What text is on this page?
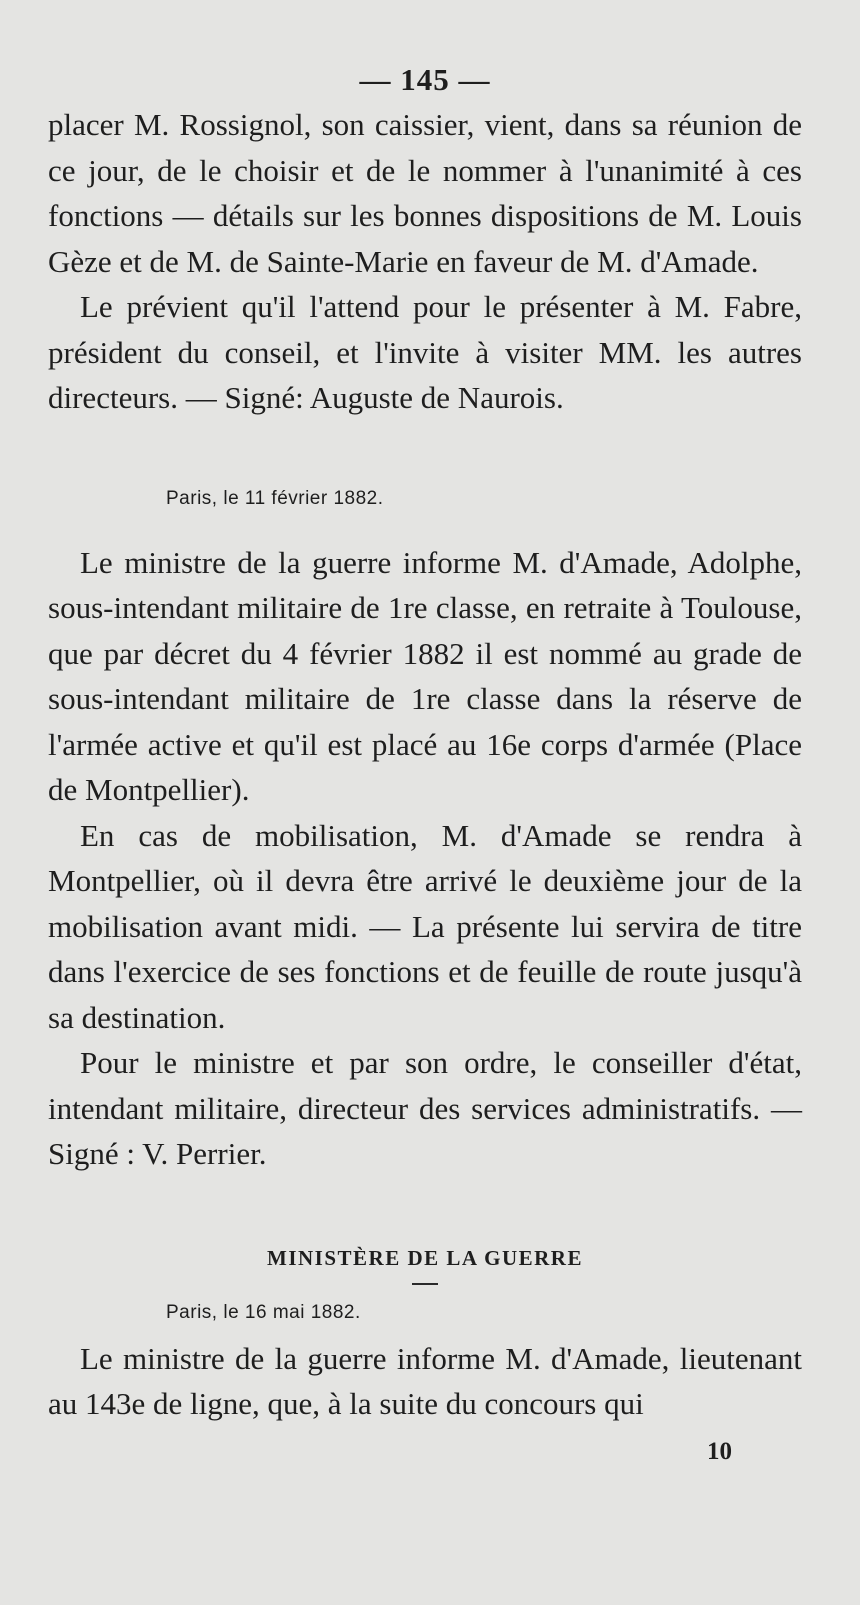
— 145 —

placer M. Rossignol, son caissier, vient, dans sa réunion de ce jour, de le choisir et de le nommer à l'unanimité à ces fonctions — détails sur les bonnes dispositions de M. Louis Gèze et de M. de Sainte-Marie en faveur de M. d'Amade.

Le prévient qu'il l'attend pour le présenter à M. Fabre, président du conseil, et l'invite à visiter MM. les autres directeurs. — Signé: Auguste de Naurois.

Paris, le 11 février 1882.

Le ministre de la guerre informe M. d'Amade, Adolphe, sous-intendant militaire de 1re classe, en retraite à Toulouse, que par décret du 4 février 1882 il est nommé au grade de sous-intendant militaire de 1re classe dans la réserve de l'armée active et qu'il est placé au 16e corps d'armée (Place de Montpellier).

En cas de mobilisation, M. d'Amade se rendra à Montpellier, où il devra être arrivé le deuxième jour de la mobilisation avant midi. — La présente lui servira de titre dans l'exercice de ses fonctions et de feuille de route jusqu'à sa destination.

Pour le ministre et par son ordre, le conseiller d'état, intendant militaire, directeur des services administratifs. — Signé : V. Perrier.

MINISTÈRE DE LA GUERRE

Paris, le 16 mai 1882.

Le ministre de la guerre informe M. d'Amade, lieutenant au 143e de ligne, que, à la suite du concours qui

10
